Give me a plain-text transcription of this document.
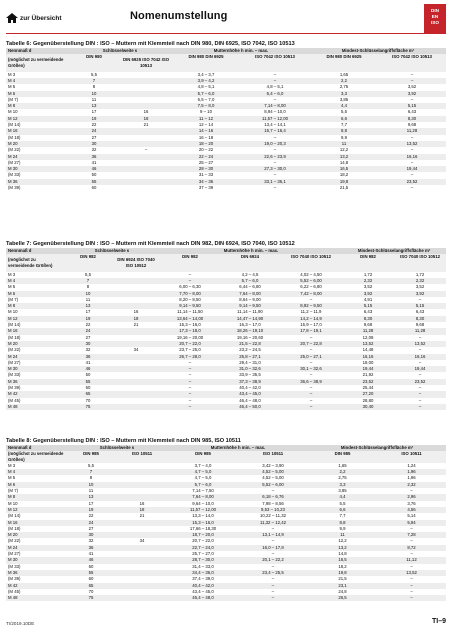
zur Übersicht	Nomenumstellung	DIN
EN
ISO
Tabelle 6: Gegenüberstellung DIN : ISO – Muttern mit Klemmteil nach DIN 980, DIN 6925, ISO 7042, ISO 10513
Nennmaß d	Schlüsselweite s		Mutternhöhe h min. – max.		Mindest-Schlüsselangriffsfläche m²	
(möglichst zu vermeidende Größen)	DIN 980	DIN 6925 ISO 7042 ISO 10513	DIN 980 DIN 6925	ISO 7042 ISO 10513	DIN 980 DIN 6925	ISO 7042 ISO 10513

M 3	5,5		3,4 – 3,7	–	1,65	–
M 4	7		3,9 – 4,2	–	2,2	–
M 5	8		4,8 – 5,1	4,8 – 5,1	2,75	3,52
M 6	10		5,7 – 6,0	5,4 – 6,0	3,3	3,92
(M 7)	11		6,5 – 7,0	–	3,85	–
M 8	13		7,5 – 8,0	7,14 – 8,00	4,4	5,15
M 10	17	16	9 – 10	8,94 – 10,0	5,5	6,43
M 12	19	18	11 – 12	11,57 – 12,00	6,6	8,30
(M 14)	22	21	12 – 14	13,4 – 14,1	7,7	9,68
M 16	24		14 – 16	15,7 – 16,4	8,8	11,28
(M 18)	27		16 – 18	–	9,9	–
M 20	30		18 – 20	19,0 – 20,3	11	13,52
(M 22)	32	–	20 – 22	–	12,2	–
M 24	36		22 – 24	22,6 – 23,9	13,2	16,16
(M 27)	41		25 – 27	–	14,8	–
M 30	46		28 – 30	27,3 – 30,0	16,5	19,44
(M 33)	50		31 – 33	–	18,2	–
M 36	55		34 – 36	33,1 – 36,1	19,8	23,52
(M 39)	60		37 – 39	–	21,5	–
Tabelle 7: Gegenüberstellung DIN : ISO – Muttern mit Klemmteil nach DIN 982, DIN 6924, ISO 7040, ISO 10512
Nennmaß d	Schlüsselweite s		Mutternhöhe h min. – max.			Mindest-Schlüsselangriffsfläche m²	
(möglichst zu vermeidende Größen)	DIN 982	DIN 6924 ISO 7040 ISO 10512	DIN 982	DIN 6924	ISO 7040 ISO 10512	DIN 982	ISO 7040 ISO 10512

M 3	5,5		–	4,2 – 4,5	4,02 – 4,50	1,72	1,72
M 4	7		–	5,7 – 6,0	5,52 – 6,00	2,32	2,32
M 5	8		6,00 – 6,30	6,44 – 6,80	6,22 – 6,80	3,52	3,52
M 6	10		7,70 – 8,00	7,64 – 8,00	7,42 – 8,00	3,92	3,92
(M 7)	11		8,20 – 8,50	8,64 – 9,00	–	4,91	–
M 8	13		9,14 – 9,50	9,14 – 9,50	8,92 – 9,50	5,15	5,15
M 10	17	16	11,14 – 11,50	11,14 – 11,90	11,2 – 11,9	6,43	6,43
M 12	19	18	13,64 – 14,00	14,47 – 14,90	14,2 – 14,9	8,30	8,30
(M 14)	22	21	15,3 – 16,0	16,3 – 17,0	15,9 – 17,0	9,68	9,68
M 16	24		17,3 – 18,0	18,26 – 19,10	17,8 – 19,1	11,28	11,28
(M 18)	27		19,16 – 20,00	19,16 – 20,60	–	12,08	–
M 20	30		20,7 – 22,0	21,5 – 22,8	20,7 – 22,8	13,52	13,52
(M 22)	32	34	23,7 – 25,0	23,2 – 24,5	–	14,48	–
M 24	36		26,7 – 28,0	25,8 – 27,1	25,0 – 27,1	16,16	16,16
(M 27)	41		–	29,4 – 31,0	–	18,00	–
M 30	46		–	31,0 – 32,6	30,1 – 32,6	19,44	19,44
(M 33)	50		–	33,9 – 35,5	–	21,92	–
M 36	55		–	37,3 – 38,9	36,6 – 38,9	23,52	23,52
(M 39)	60		–	40,4 – 42,0	–	25,44	–
M 42	65		–	43,4 – 45,0	–	27,20	–
(M 45)	70		–	46,4 – 48,0	–	28,80	–
M 48	75		–	46,4 – 50,0	–	30,40	–
Tabelle 8: Gegenüberstellung DIN : ISO – Muttern mit Klemmteil nach DIN 985, ISO 10511
Nennmaß d	Schlüsselweite s		Mutternhöhe h min. – max.		Mindest-Schlüsselangriffsfläche m²	
(möglichst zu vermeidende Größen)	DIN 985	ISO 10511	DIN 985	ISO 10511	DIN 985	ISO 10511

M 3	5,5		3,7 – 4,0	3,42 – 3,90	1,65	1,24
M 4	7		4,7 – 5,0	4,52 – 5,00	2,2	1,96
M 5	8		4,7 – 5,0	4,52 – 5,00	2,75	1,96
M 6	10		5,7 – 6,0	5,52 – 6,00	3,3	2,32
(M 7)	11		7,14 – 7,50	–	3,85	–
M 8	13		7,64 – 8,00	6,18 – 6,76	4,4	2,96
M 10	17	16	9,64 – 10,0	7,98 – 8,56	5,5	3,76
M 12	19	18	11,57 – 12,00	9,53 – 10,23	6,6	4,56
(M 14)	22	21	13,3 – 14,0	10,22 – 11,32	7,7	5,14
M 16	24		15,3 – 16,0	11,32 – 12,42	8,8	5,94
(M 18)	27		17,66 – 18,30	–	9,9	–
M 20	30		18,7 – 20,0	13,1 – 14,9	11	7,28
(M 22)	32	34	20,7 – 22,0	–	12,2	–
M 24	36		22,7 – 24,0	16,0 – 17,8	13,2	8,72
(M 27)	41		25,7 – 27,0	–	14,8	–
M 30	46		28,7 – 30,0	20,1 – 22,2	16,5	11,12
(M 33)	50		31,4 – 33,0	–	18,2	–
M 36	55		34,4 – 36,0	23,4 – 25,5	19,8	13,52
(M 39)	60		37,4 – 39,0	–	21,5	–
M 42	65		40,4 – 42,0	–	23,1	–
(M 45)	70		43,4 – 45,0	–	24,8	–
M 48	75		46,4 – 48,0	–	26,5	–
TI/2019.10DE	TI–9
